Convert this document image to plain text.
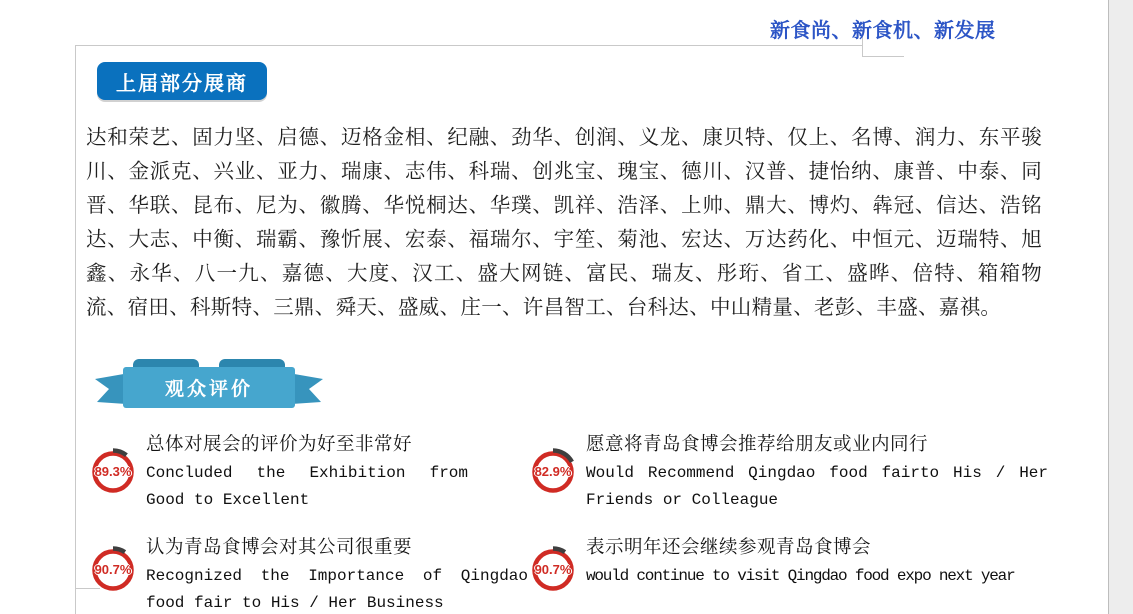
新食尚、新食机、新发展
上届部分展商
达和荣艺、固力坚、启德、迈格金相、纪融、劲华、创润、义龙、康贝特、仅上、名博、润力、东平骏川、金派克、兴业、亚力、瑞康、志伟、科瑞、创兆宝、瑰宝、德川、汉普、捷怡纳、康普、中泰、同晋、华联、昆布、尼为、徽腾、华悦桐达、华璞、凯祥、浩泽、上帅、鼎大、博灼、犇冠、信达、浩铭达、大志、中衡、瑞霸、豫忻展、宏泰、福瑞尔、宇笙、菊池、宏达、万达药化、中恒元、迈瑞特、旭鑫、永华、八一九、嘉德、大度、汉工、盛大网链、富民、瑞友、彤珩、省工、盛晔、倍特、箱箱物流、宿田、科斯特、三鼎、舜天、盛威、庄一、许昌智工、台科达、中山精量、老彭、丰盛、嘉祺。
观众评价
89.3%
总体对展会的评价为好至非常好
Concluded the Exhibition from Good to Excellent
82.9%
愿意将青岛食博会推荐给朋友或业内同行
Would Recommend Qingdao food fairto His / Her Friends or Colleague
90.7%
认为青岛食博会对其公司很重要
Recognized the Importance of Qingdao food fair to His / Her Business
90.7%
表示明年还会继续参观青岛食博会
would continue to visit Qingdao food expo next year
